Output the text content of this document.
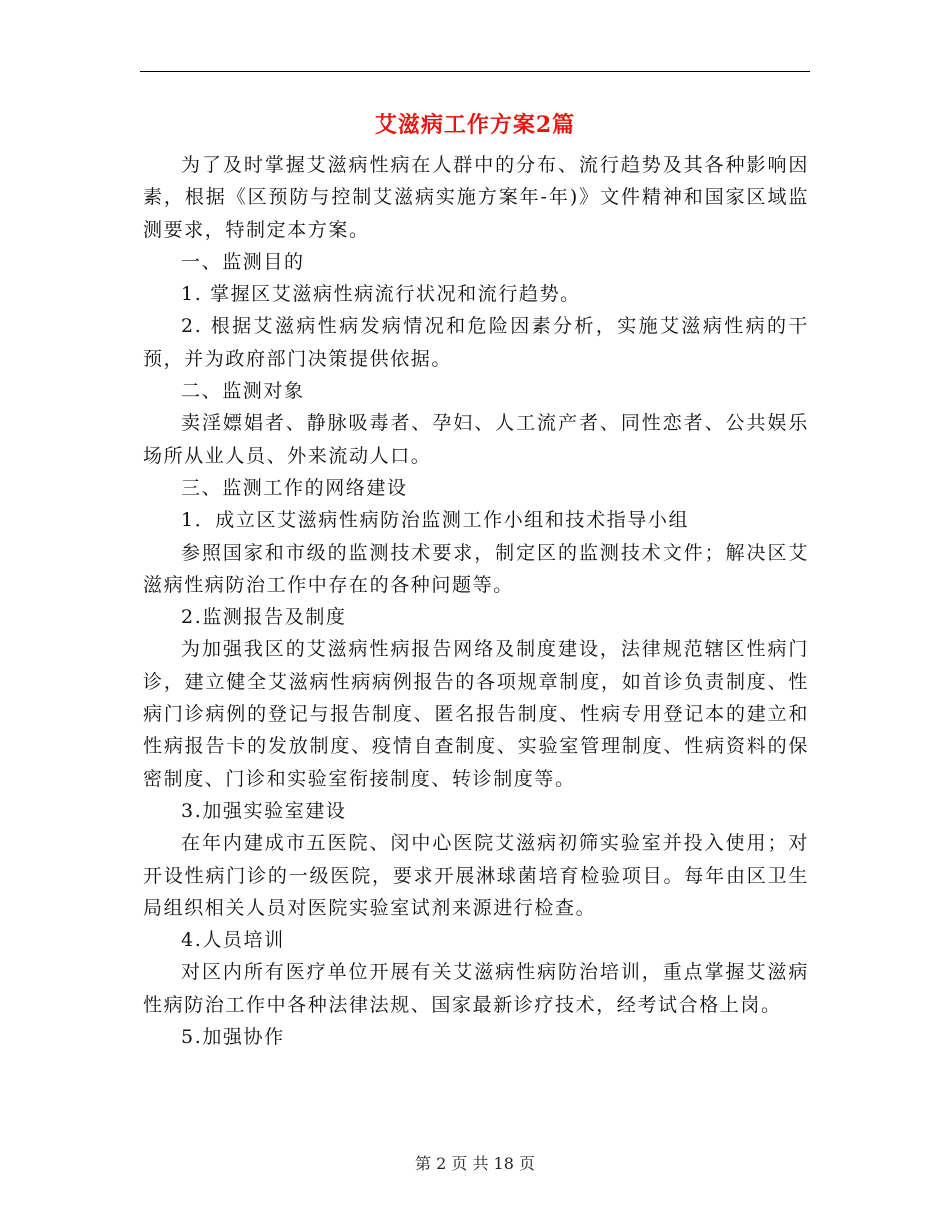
艾滋病工作方案2篇

为了及时掌握艾滋病性病在人群中的分布、流行趋势及其各种影响因素，根据《区预防与控制艾滋病实施方案年-年)》文件精神和国家区域监测要求，特制定本方案。

一、监测目的

1. 掌握区艾滋病性病流行状况和流行趋势。

2. 根据艾滋病性病发病情况和危险因素分析，实施艾滋病性病的干预，并为政府部门决策提供依据。

二、监测对象

卖淫嫖娼者、静脉吸毒者、孕妇、人工流产者、同性恋者、公共娱乐场所从业人员、外来流动人口。

三、监测工作的网络建设

1．成立区艾滋病性病防治监测工作小组和技术指导小组

参照国家和市级的监测技术要求，制定区的监测技术文件；解决区艾滋病性病防治工作中存在的各种问题等。

2.监测报告及制度

为加强我区的艾滋病性病报告网络及制度建设，法律规范辖区性病门诊，建立健全艾滋病性病病例报告的各项规章制度，如首诊负责制度、性病门诊病例的登记与报告制度、匿名报告制度、性病专用登记本的建立和性病报告卡的发放制度、疫情自查制度、实验室管理制度、性病资料的保密制度、门诊和实验室衔接制度、转诊制度等。

3.加强实验室建设

在年内建成市五医院、闵中心医院艾滋病初筛实验室并投入使用；对开设性病门诊的一级医院，要求开展淋球菌培育检验项目。每年由区卫生局组织相关人员对医院实验室试剂来源进行检查。

4.人员培训

对区内所有医疗单位开展有关艾滋病性病防治培训，重点掌握艾滋病性病防治工作中各种法律法规、国家最新诊疗技术，经考试合格上岗。

5.加强协作

第 2 页 共 18 页
